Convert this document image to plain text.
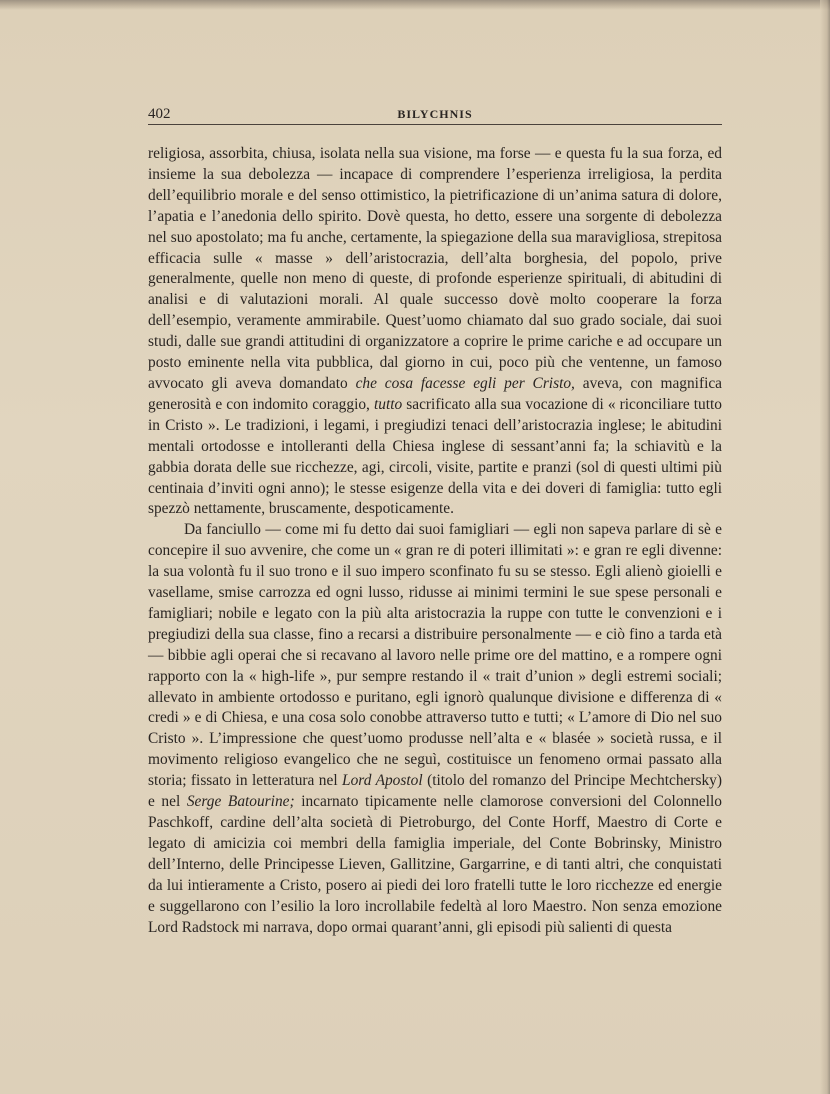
402	BILYCHNIS

religiosa, assorbita, chiusa, isolata nella sua visione, ma forse — e questa fu la sua forza, ed insieme la sua debolezza — incapace di comprendere l’esperienza irreligiosa, la perdita dell’equilibrio morale e del senso ottimistico, la pietrificazione di un’anima satura di dolore, l’apatia e l’anedonia dello spirito. Dovè questa, ho detto, essere una sorgente di debolezza nel suo apostolato; ma fu anche, certamente, la spiegazione della sua maravigliosa, strepitosa efficacia sulle « masse » dell’aristocrazia, dell’alta borghesia, del popolo, prive generalmente, quelle non meno di queste, di profonde esperienze spirituali, di abitudini di analisi e di valutazioni morali. Al quale successo dovè molto cooperare la forza dell’esempio, veramente ammirabile. Quest’uomo chiamato dal suo grado sociale, dai suoi studi, dalle sue grandi attitudini di organizzatore a coprire le prime cariche e ad occupare un posto eminente nella vita pubblica, dal giorno in cui, poco più che ventenne, un famoso avvocato gli aveva domandato che cosa facesse egli per Cristo, aveva, con magnifica generosità e con indomito coraggio, tutto sacrificato alla sua vocazione di « riconciliare tutto in Cristo ». Le tradizioni, i legami, i pregiudizi tenaci dell’aristocrazia inglese; le abitudini mentali ortodosse e intolleranti della Chiesa inglese di sessant’anni fa; la schiavitù e la gabbia dorata delle sue ricchezze, agi, circoli, visite, partite e pranzi (sol di questi ultimi più centinaia d’inviti ogni anno); le stesse esigenze della vita e dei doveri di famiglia: tutto egli spezzò nettamente, bruscamente, despoticamente.

Da fanciullo — come mi fu detto dai suoi famigliari — egli non sapeva parlare di sè e concepire il suo avvenire, che come un « gran re di poteri illimitati »: e gran re egli divenne: la sua volontà fu il suo trono e il suo impero sconfinato fu su se stesso. Egli alienò gioielli e vasellame, smise carrozza ed ogni lusso, ridusse ai minimi termini le sue spese personali e famigliari; nobile e legato con la più alta aristocrazia la ruppe con tutte le convenzioni e i pregiudizi della sua classe, fino a recarsi a distribuire personalmente — e ciò fino a tarda età — bibbie agli operai che si recavano al lavoro nelle prime ore del mattino, e a rompere ogni rapporto con la « high-life », pur sempre restando il « trait d’union » degli estremi sociali; allevato in ambiente ortodosso e puritano, egli ignorò qualunque divisione e differenza di « credi » e di Chiesa, e una cosa solo conobbe attraverso tutto e tutti; « L’amore di Dio nel suo Cristo ». L’impressione che quest’uomo produsse nell’alta e « blasée » società russa, e il movimento religioso evangelico che ne seguì, costituisce un fenomeno ormai passato alla storia; fissato in letteratura nel Lord Apostol (titolo del romanzo del Principe Mechtchersky) e nel Serge Batourine; incarnato tipicamente nelle clamorose conversioni del Colonnello Paschkoff, cardine dell’alta società di Pietroburgo, del Conte Horff, Maestro di Corte e legato di amicizia coi membri della famiglia imperiale, del Conte Bobrinsky, Ministro dell’Interno, delle Principesse Lieven, Gallitzine, Gargarrine, e di tanti altri, che conquistati da lui intieramente a Cristo, posero ai piedi dei loro fratelli tutte le loro ricchezze ed energie e suggellarono con l’esilio la loro incrollabile fedeltà al loro Maestro. Non senza emozione Lord Radstock mi narrava, dopo ormai quarant’anni, gli episodi più salienti di questa
